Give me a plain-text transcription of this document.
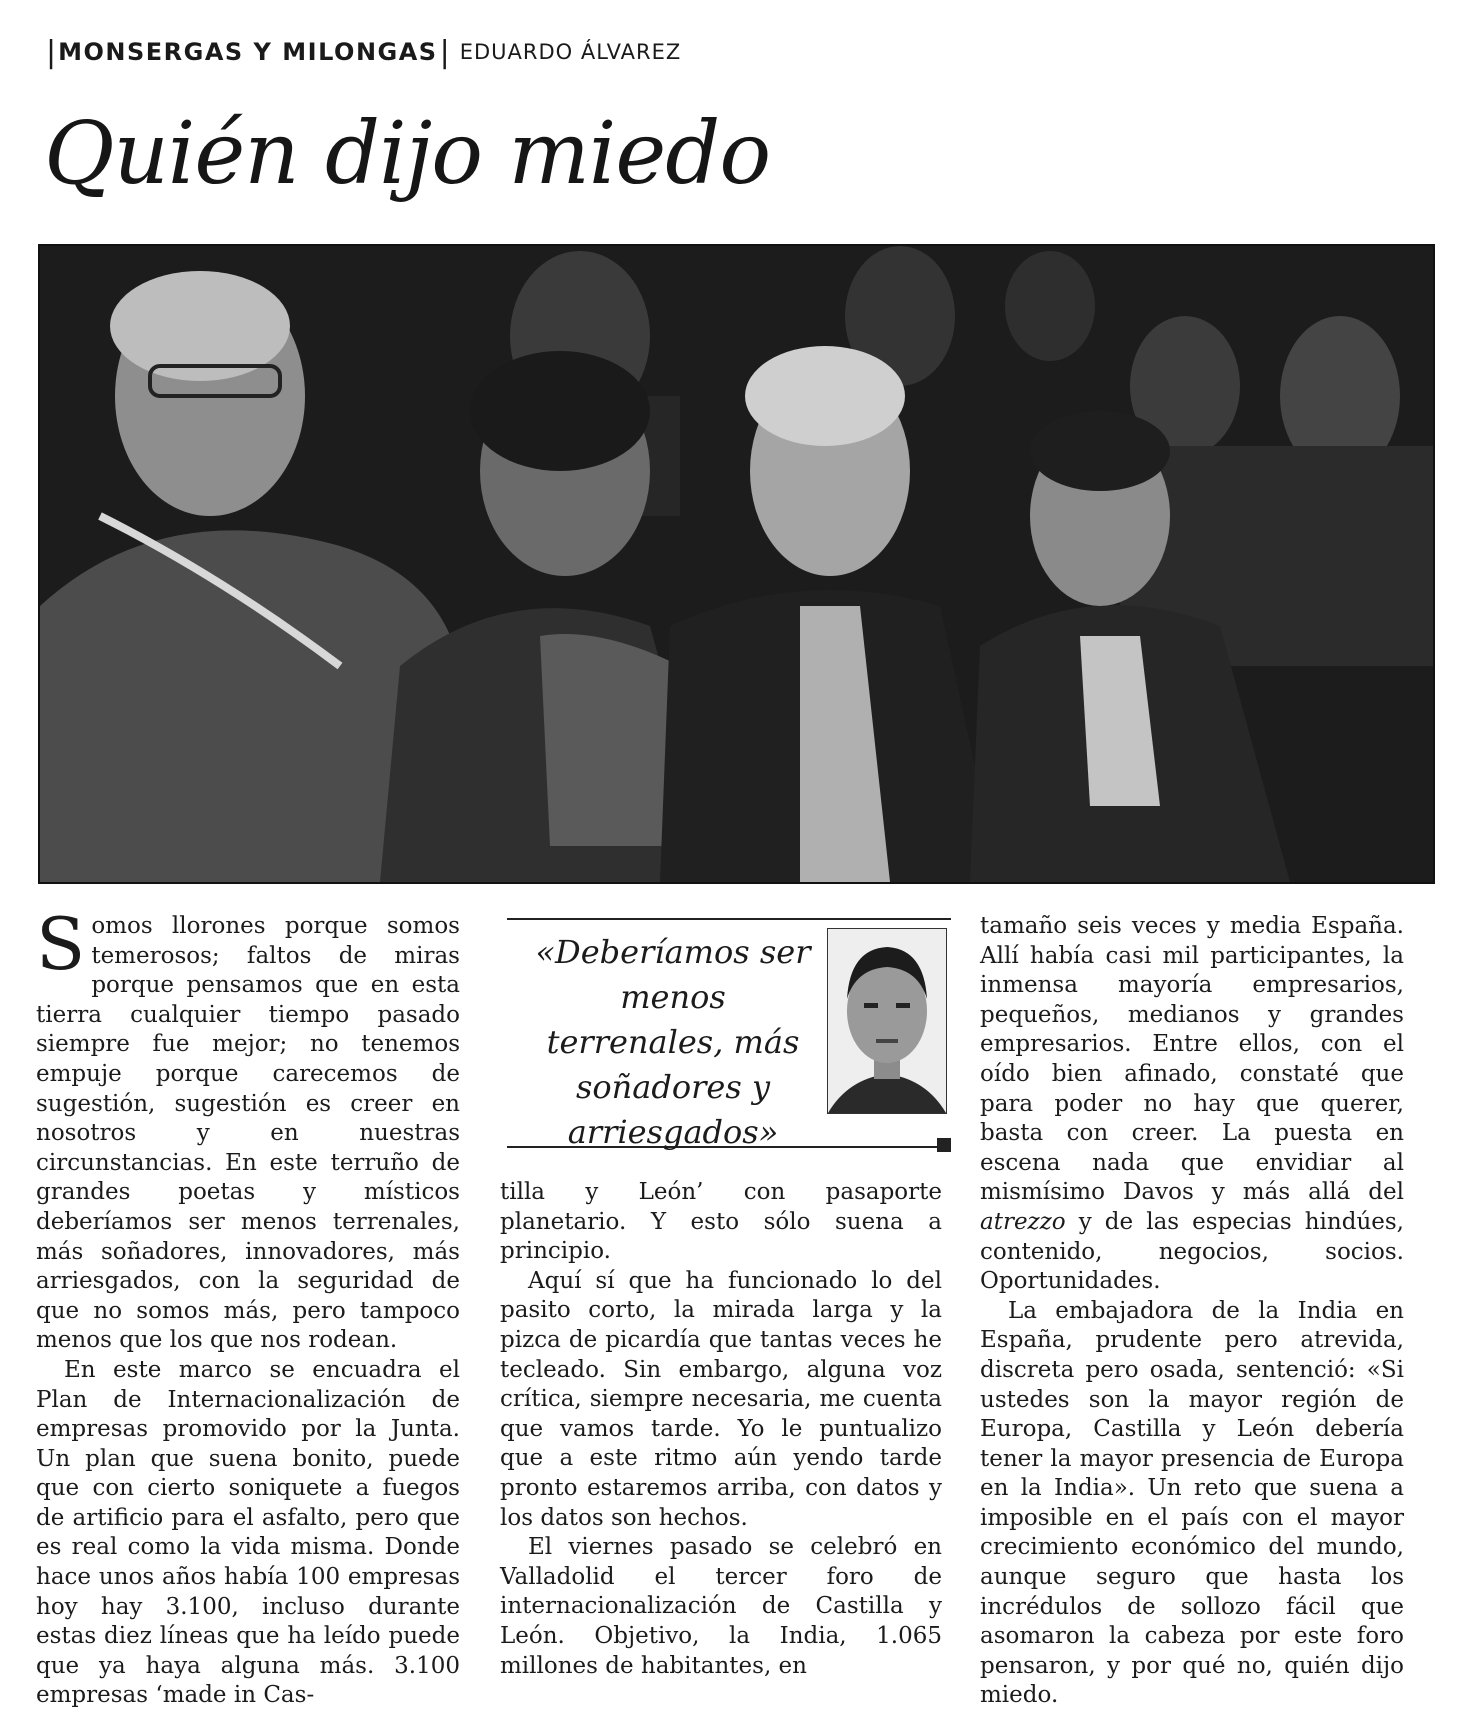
| MONSERGAS Y MILONGAS | EDUARDO ÁLVAREZ
Quién dijo miedo

Somos llorones porque somos temerosos; faltos de miras porque pensamos que en esta tierra cualquier tiempo pasado siempre fue mejor; no tenemos empuje porque carecemos de sugestión, sugestión es creer en nosotros y en nuestras circunstancias. En este terruño de grandes poetas y místicos deberíamos ser menos terrenales, más soñadores, innovadores, más arriesgados, con la seguridad de que no somos más, pero tampoco menos que los que nos rodean.

En este marco se encuadra el Plan de Internacionalización de empresas promovido por la Junta. Un plan que suena bonito, puede que con cierto soniquete a fuegos de artificio para el asfalto, pero que es real como la vida misma. Donde hace unos años había 100 empresas hoy hay 3.100, incluso durante estas diez líneas que ha leído puede que ya haya alguna más. 3.100 empresas ‘made in Cas-

«Deberíamos ser menos terrenales, más soñadores y arriesgados»

tilla y León’ con pasaporte planetario. Y esto sólo suena a principio.

Aquí sí que ha funcionado lo del pasito corto, la mirada larga y la pizca de picardía que tantas veces he tecleado. Sin embargo, alguna voz crítica, siempre necesaria, me cuenta que vamos tarde. Yo le puntualizo que a este ritmo aún yendo tarde pronto estaremos arriba, con datos y los datos son hechos.

El viernes pasado se celebró en Valladolid el tercer foro de internacionalización de Castilla y León. Objetivo, la India, 1.065 millones de habitantes, en

tamaño seis veces y media España. Allí había casi mil participantes, la inmensa mayoría empresarios, pequeños, medianos y grandes empresarios. Entre ellos, con el oído bien afinado, constaté que para poder no hay que querer, basta con creer. La puesta en escena nada que envidiar al mismísimo Davos y más allá del atrezzo y de las especias hindúes, contenido, negocios, socios. Oportunidades.

La embajadora de la India en España, prudente pero atrevida, discreta pero osada, sentenció: «Si ustedes son la mayor región de Europa, Castilla y León debería tener la mayor presencia de Europa en la India». Un reto que suena a imposible en el país con el mayor crecimiento económico del mundo, aunque seguro que hasta los incrédulos de sollozo fácil que asomaron la cabeza por este foro pensaron, y por qué no, quién dijo miedo.
